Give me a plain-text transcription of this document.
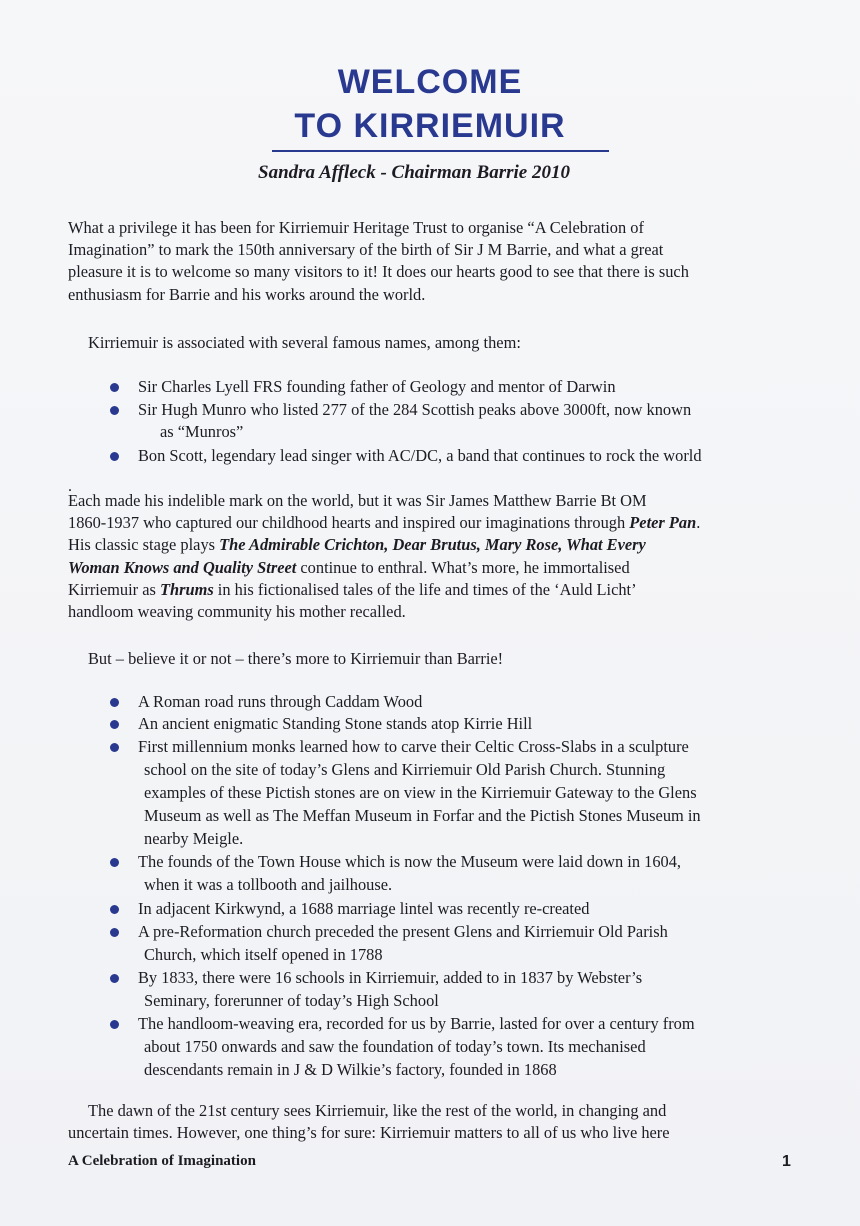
WELCOME
TO KIRRIEMUIR
Sandra Affleck - Chairman Barrie 2010
What a privilege it has been for Kirriemuir Heritage Trust to organise “A Celebration of
Imagination” to mark the 150th anniversary of the birth of Sir J M Barrie, and what a great
pleasure it is to welcome so many visitors to it! It does our hearts good to see that there is such
enthusiasm for Barrie and his works around the world.
Kirriemuir is associated with several famous names, among them:
Sir Charles Lyell FRS founding father of Geology and mentor of Darwin
Sir Hugh Munro who listed 277 of the 284 Scottish peaks above 3000ft, now known
as “Munros”
Bon Scott, legendary lead singer with AC/DC, a band that continues to rock the world
.
Each made his indelible mark on the world, but it was Sir James Matthew Barrie Bt OM
1860-1937 who captured our childhood hearts and inspired our imaginations through Peter Pan.
His classic stage plays The Admirable Crichton, Dear Brutus, Mary Rose, What Every
Woman Knows and Quality Street continue to enthral. What’s more, he immortalised
Kirriemuir as Thrums in his fictionalised tales of the life and times of the ‘Auld Licht’
handloom weaving community his mother recalled.
But – believe it or not – there’s more to Kirriemuir than Barrie!
A Roman road runs through Caddam Wood
An ancient enigmatic Standing Stone stands atop Kirrie Hill
First millennium monks learned how to carve their Celtic Cross-Slabs in a sculpture
school on the site of today’s Glens and Kirriemuir Old Parish Church. Stunning
examples of these Pictish stones are on view in the Kirriemuir Gateway to the Glens
Museum as well as The Meffan Museum in Forfar and the Pictish Stones Museum in
nearby Meigle.
The founds of the Town House which is now the Museum were laid down in 1604,
when it was a tollbooth and jailhouse.
In adjacent Kirkwynd, a 1688 marriage lintel was recently re-created
A pre-Reformation church preceded the present Glens and Kirriemuir Old Parish
Church, which itself opened in 1788
By 1833, there were 16 schools in Kirriemuir, added to in 1837 by Webster’s
Seminary, forerunner of today’s High School
The handloom-weaving era, recorded for us by Barrie, lasted for over a century from
about 1750 onwards and saw the foundation of today’s town. Its mechanised
descendants remain in J & D Wilkie’s factory, founded in 1868
The dawn of the 21st century sees Kirriemuir, like the rest of the world, in changing and
uncertain times. However, one thing’s for sure: Kirriemuir matters to all of us who live here
A Celebration of Imagination	1
